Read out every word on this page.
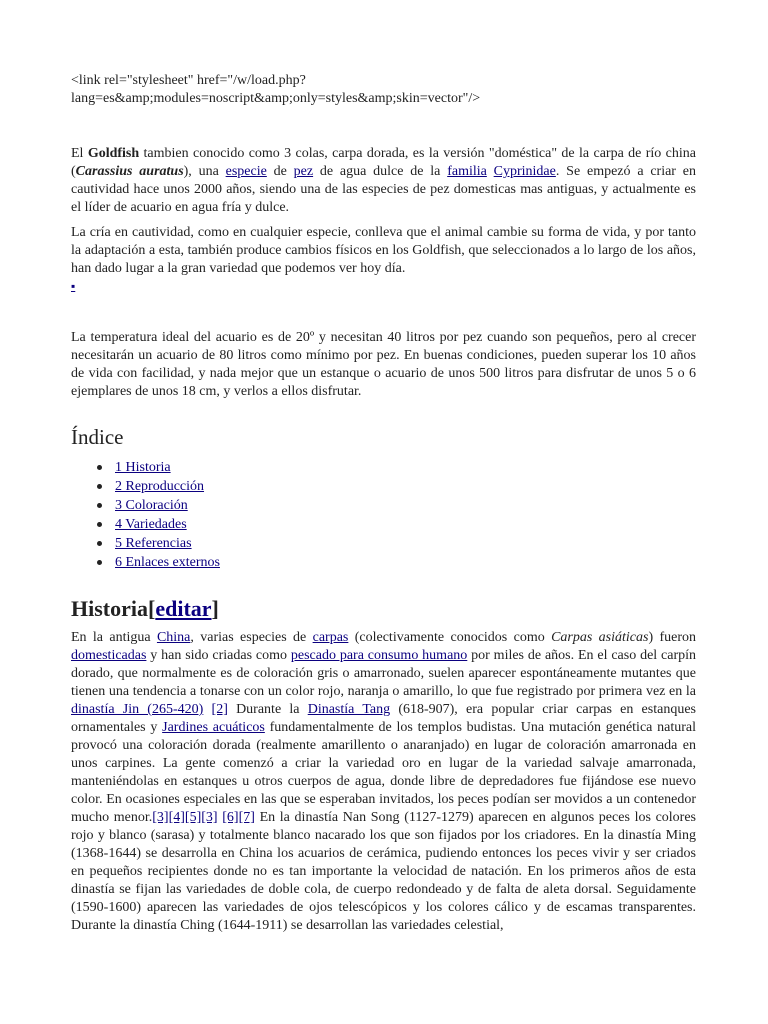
<link rel="stylesheet" href="/w/load.php?lang=es&amp;modules=noscript&amp;only=styles&amp;skin=vector"/>

El Goldfish tambien conocido como 3 colas, carpa dorada, es la versión "doméstica" de la carpa de río china (Carassius auratus), una especie de pez de agua dulce de la familia Cyprinidae. Se empezó a criar en cautividad hace unos 2000 años, siendo una de las especies de pez domesticas mas antiguas, y actualmente es el líder de acuario en agua fría y dulce.

La cría en cautividad, como en cualquier especie, conlleva que el animal cambie su forma de vida, y por tanto la adaptación a esta, también produce cambios físicos en los Goldfish, que seleccionados a lo largo de los años, han dado lugar a la gran variedad que podemos ver hoy día.

▪

La temperatura ideal del acuario es de 20º y necesitan 40 litros por pez cuando son pequeños, pero al crecer necesitarán un acuario de 80 litros como mínimo por pez. En buenas condiciones, pueden superar los 10 años de vida con facilidad, y nada mejor que un estanque o acuario de unos 500 litros para disfrutar de unos 5 o 6 ejemplares de unos 18 cm, y verlos a ellos disfrutar.

Índice
1 Historia
2 Reproducción
3 Coloración
4 Variedades
5 Referencias
6 Enlaces externos
Historia[editar]

En la antigua China, varias especies de carpas (colectivamente conocidos como Carpas asiáticas) fueron domesticadas y han sido criadas como pescado para consumo humano por miles de años. En el caso del carpín dorado, que normalmente es de coloración gris o amarronado, suelen aparecer espontáneamente mutantes que tienen una tendencia a tonarse con un color rojo, naranja o amarillo, lo que fue registrado por primera vez en la dinastía Jin (265-420) [2] Durante la Dinastía Tang (618-907), era popular criar carpas en estanques ornamentales y Jardines acuáticos fundamentalmente de los templos budistas. Una mutación genética natural provocó una coloración dorada (realmente amarillento o anaranjado) en lugar de coloración amarronada en unos carpines. La gente comenzó a criar la variedad oro en lugar de la variedad salvaje amarronada, manteniéndolas en estanques u otros cuerpos de agua, donde libre de depredadores fue fijándose ese nuevo color. En ocasiones especiales en las que se esperaban invitados, los peces podían ser movidos a un contenedor mucho menor.[3][4][5][3] [6][7] En la dinastía Nan Song (1127-1279) aparecen en algunos peces los colores rojo y blanco (sarasa) y totalmente blanco nacarado los que son fijados por los criadores. En la dinastía Ming (1368-1644) se desarrolla en China los acuarios de cerámica, pudiendo entonces los peces vivir y ser criados en pequeños recipientes donde no es tan importante la velocidad de natación. En los primeros años de esta dinastía se fijan las variedades de doble cola, de cuerpo redondeado y de falta de aleta dorsal. Seguidamente (1590-1600) aparecen las variedades de ojos telescópicos y los colores cálico y de escamas transparentes. Durante la dinastía Ching (1644-1911) se desarrollan las variedades celestial,
